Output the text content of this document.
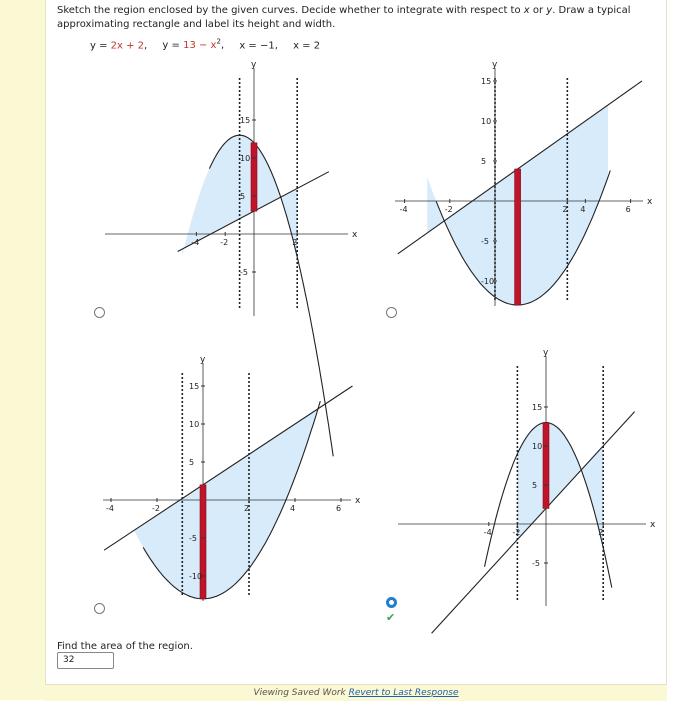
Sketch the region enclosed by the given curves. Decide whether to integrate with respect to x or y. Draw a typical approximating rectangle and label its height and width.
y = 2x + 2, $y = 13 - x^2$, x = −1, x = 2
-4	-2	2
15
10
5
-5
x
y
-4	-2	2 4	6
15
10
5
-5
-10
x
y
-4	-2	2	4	6
15
10
5
-5
-10
x
y
-4	-2	2
15
10
5
-5
x
y
✔
Find the area of the region.
32
Viewing Saved Work Revert to Last Response
